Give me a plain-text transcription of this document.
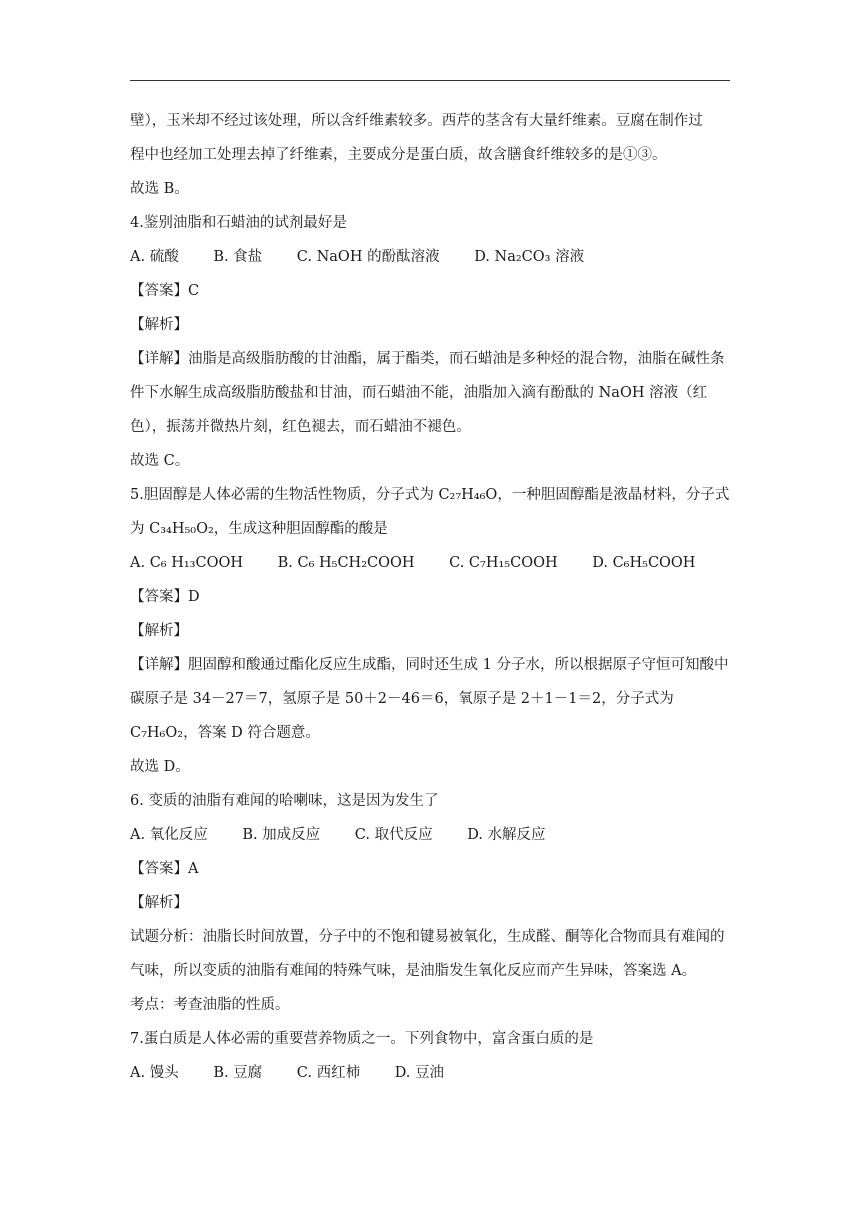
壁），玉米却不经过该处理，所以含纤维素较多。西芹的茎含有大量纤维素。豆腐在制作过
程中也经加工处理去掉了纤维素，主要成分是蛋白质，故含膳食纤维较多的是①③。
故选 B。
4.鉴别油脂和石蜡油的试剂最好是
A. 硫酸 B. 食盐 C. NaOH 的酚酞溶液 D. Na₂CO₃ 溶液
【答案】C
【解析】
【详解】油脂是高级脂肪酸的甘油酯，属于酯类，而石蜡油是多种烃的混合物，油脂在碱性条件下水解生成高级脂肪酸盐和甘油，而石蜡油不能，油脂加入滴有酚酞的 NaOH 溶液（红色），振荡并微热片刻，红色褪去，而石蜡油不褪色。
故选 C。
5.胆固醇是人体必需的生物活性物质，分子式为 C₂₇H₄₆O，一种胆固醇酯是液晶材料，分子式为 C₃₄H₅₀O₂，生成这种胆固醇酯的酸是
A. C₆ H₁₃COOH B. C₆ H₅CH₂COOH C. C₇H₁₅COOH D. C₆H₅COOH
【答案】D
【解析】
【详解】胆固醇和酸通过酯化反应生成酯，同时还生成 1 分子水，所以根据原子守恒可知酸中碳原子是 34－27＝7，氢原子是 50＋2－46＝6，氧原子是 2＋1－1＝2，分子式为 C₇H₆O₂，答案 D 符合题意。
故选 D。
6. 变质的油脂有难闻的哈喇味，这是因为发生了
A. 氧化反应 B. 加成反应 C. 取代反应 D. 水解反应
【答案】A
【解析】
试题分析：油脂长时间放置，分子中的不饱和键易被氧化，生成醛、酮等化合物而具有难闻的气味，所以变质的油脂有难闻的特殊气味，是油脂发生氧化反应而产生异味，答案选 A。
考点：考查油脂的性质。
7.蛋白质是人体必需的重要营养物质之一。下列食物中，富含蛋白质的是
A. 馒头 B. 豆腐 C. 西红柿 D. 豆油
